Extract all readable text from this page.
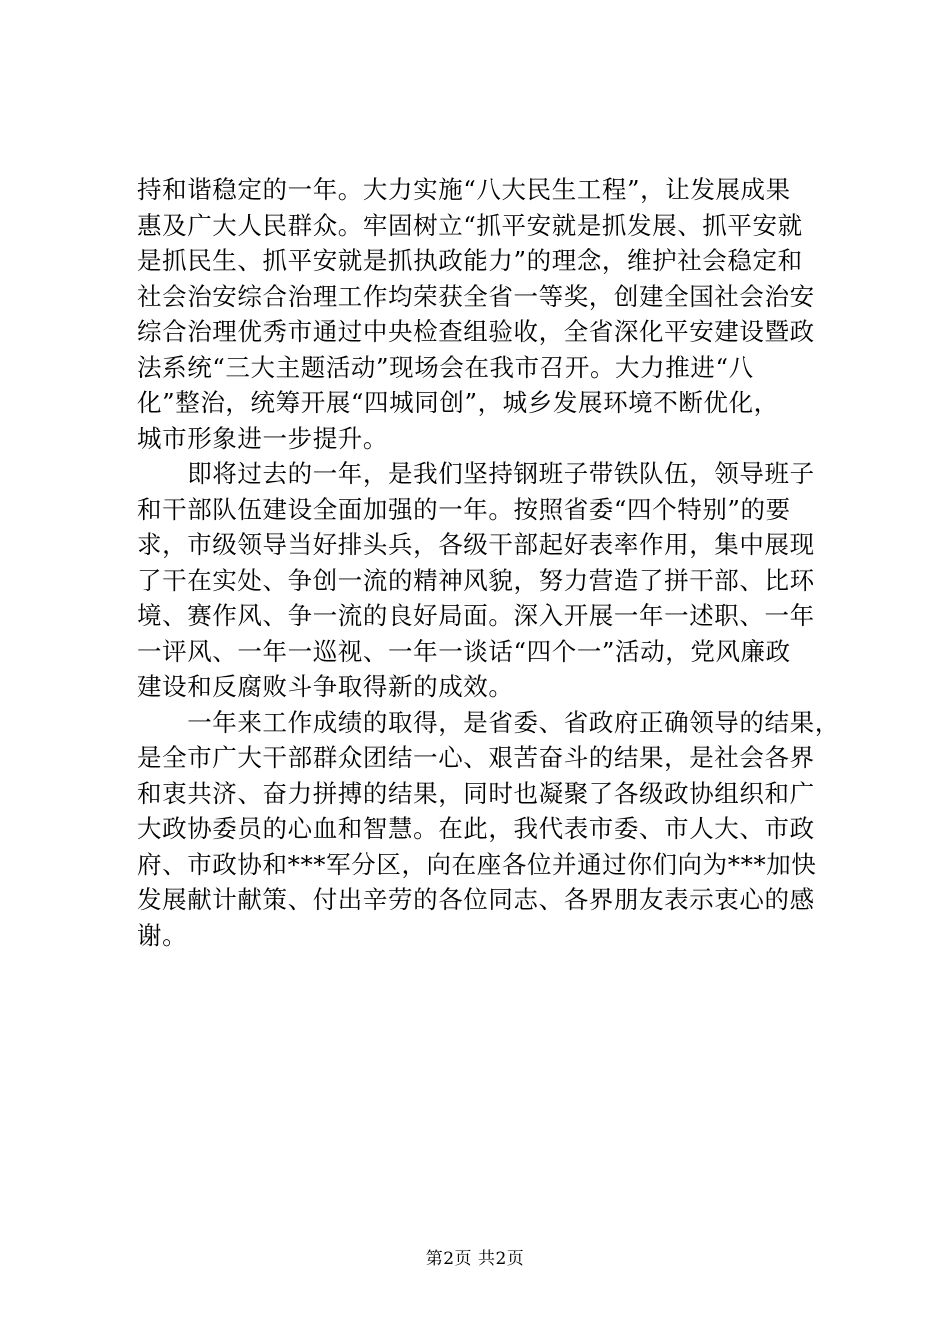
持和谐稳定的一年。大力实施“八大民生工程”，让发展成果
惠及广大人民群众。牢固树立“抓平安就是抓发展、抓平安就
是抓民生、抓平安就是抓执政能力”的理念，维护社会稳定和
社会治安综合治理工作均荣获全省一等奖，创建全国社会治安
综合治理优秀市通过中央检查组验收，全省深化平安建设暨政
法系统“三大主题活动”现场会在我市召开。大力推进“八
化”整治，统筹开展“四城同创”，城乡发展环境不断优化，
城市形象进一步提升。
　　即将过去的一年，是我们坚持钢班子带铁队伍，领导班子
和干部队伍建设全面加强的一年。按照省委“四个特别”的要
求，市级领导当好排头兵，各级干部起好表率作用，集中展现
了干在实处、争创一流的精神风貌，努力营造了拼干部、比环
境、赛作风、争一流的良好局面。深入开展一年一述职、一年
一评风、一年一巡视、一年一谈话“四个一”活动，党风廉政
建设和反腐败斗争取得新的成效。
　　一年来工作成绩的取得，是省委、省政府正确领导的结果，
是全市广大干部群众团结一心、艰苦奋斗的结果，是社会各界
和衷共济、奋力拼搏的结果，同时也凝聚了各级政协组织和广
大政协委员的心血和智慧。在此，我代表市委、市人大、市政
府、市政协和***军分区，向在座各位并通过你们向为***加快
发展献计献策、付出辛劳的各位同志、各界朋友表示衷心的感
谢。
第2页 共2页
